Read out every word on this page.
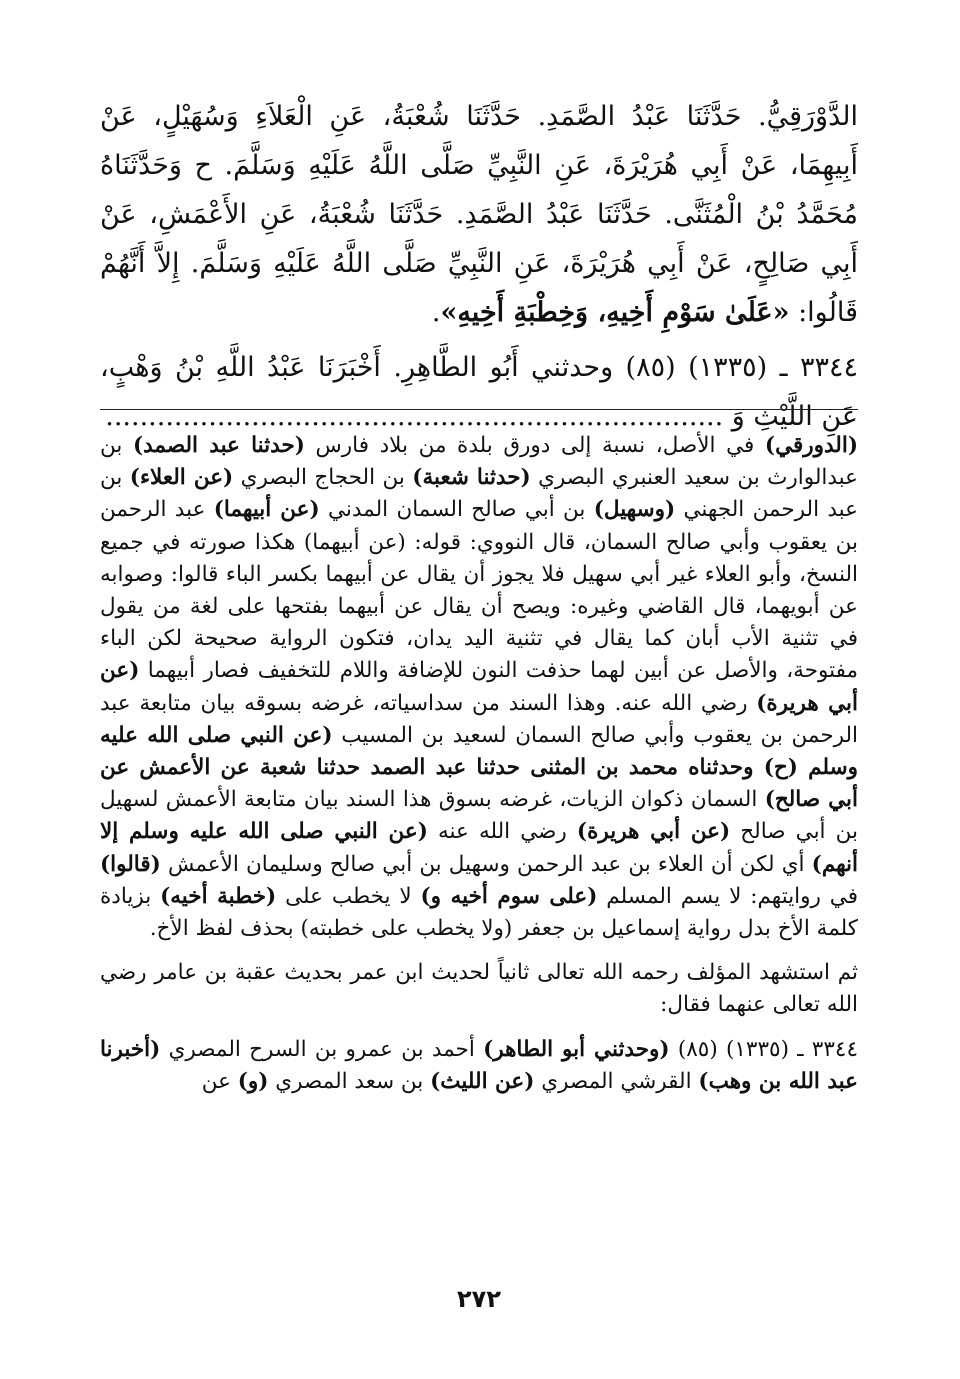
الدَّوْرَقِيُّ. حَدَّثَنَا عَبْدُ الصَّمَدِ. حَدَّثَنَا شُعْبَةُ، عَنِ الْعَلاَءِ وَسُهَيْلٍ، عَنْ أَبِيهِمَا، عَنْ أَبِي هُرَيْرَةَ، عَنِ النَّبِيِّ صَلَّى اللَّهُ عَلَيْهِ وَسَلَّمَ. ح وَحَدَّثَنَاهُ مُحَمَّدُ بْنُ الْمُثَنَّى. حَدَّثَنَا عَبْدُ الصَّمَدِ. حَدَّثَنَا شُعْبَةُ، عَنِ الأَعْمَشِ، عَنْ أَبِي صَالِحٍ، عَنْ أَبِي هُرَيْرَةَ، عَنِ النَّبِيِّ صَلَّى اللَّهُ عَلَيْهِ وَسَلَّمَ. إِلاَّ أَنَّهُمْ قَالُوا: «عَلَىٰ سَوْمِ أَخِيهِ، وَخِطْبَةِ أَخِيهِ».

٣٣٤٤ ـ (١٣٣٥) (٨٥) وحدثني أَبُو الطَّاهِرِ. أَخْبَرَنَا عَبْدُ اللَّهِ بْنُ وَهْبٍ، عَنِ اللَّيْثِ وَ ........................................................................

(الدورقي) في الأصل، نسبة إلى دورق بلدة من بلاد فارس (حدثنا عبد الصمد) بن عبدالوارث بن سعيد العنبري البصري (حدثنا شعبة) بن الحجاج البصري (عن العلاء) بن عبد الرحمن الجهني (وسهيل) بن أبي صالح السمان المدني (عن أبيهما) عبد الرحمن بن يعقوب وأبي صالح السمان، قال النووي: قوله: (عن أبيهما) هكذا صورته في جميع النسخ، وأبو العلاء غير أبي سهيل فلا يجوز أن يقال عن أبيهما بكسر الباء قالوا: وصوابه عن أبويهما، قال القاضي وغيره: ويصح أن يقال عن أبيهما بفتحها على لغة من يقول في تثنية الأب أبان كما يقال في تثنية اليد يدان، فتكون الرواية صحيحة لكن الباء مفتوحة، والأصل عن أبين لهما حذفت النون للإضافة واللام للتخفيف فصار أبيهما (عن أبي هريرة) رضي الله عنه. وهذا السند من سداسياته، غرضه بسوقه بيان متابعة عبد الرحمن بن يعقوب وأبي صالح السمان لسعيد بن المسيب (عن النبي صلى الله عليه وسلم (ح) وحدثناه محمد بن المثنى حدثنا عبد الصمد حدثنا شعبة عن الأعمش عن أبي صالح) السمان ذكوان الزيات، غرضه بسوق هذا السند بيان متابعة الأعمش لسهيل بن أبي صالح (عن أبي هريرة) رضي الله عنه (عن النبي صلى الله عليه وسلم إلا أنهم) أي لكن أن العلاء بن عبد الرحمن وسهيل بن أبي صالح وسليمان الأعمش (قالوا) في روايتهم: لا يسم المسلم (على سوم أخيه و) لا يخطب على (خطبة أخيه) بزيادة كلمة الأخ بدل رواية إسماعيل بن جعفر (ولا يخطب على خطبته) بحذف لفظ الأخ.

ثم استشهد المؤلف رحمه الله تعالى ثانياً لحديث ابن عمر بحديث عقبة بن عامر رضي الله تعالى عنهما فقال:

٣٣٤٤ ـ (١٣٣٥) (٨٥) (وحدثني أبو الطاهر) أحمد بن عمرو بن السرح المصري (أخبرنا عبد الله بن وهب) القرشي المصري (عن الليث) بن سعد المصري (و) عن

٢٧٢
